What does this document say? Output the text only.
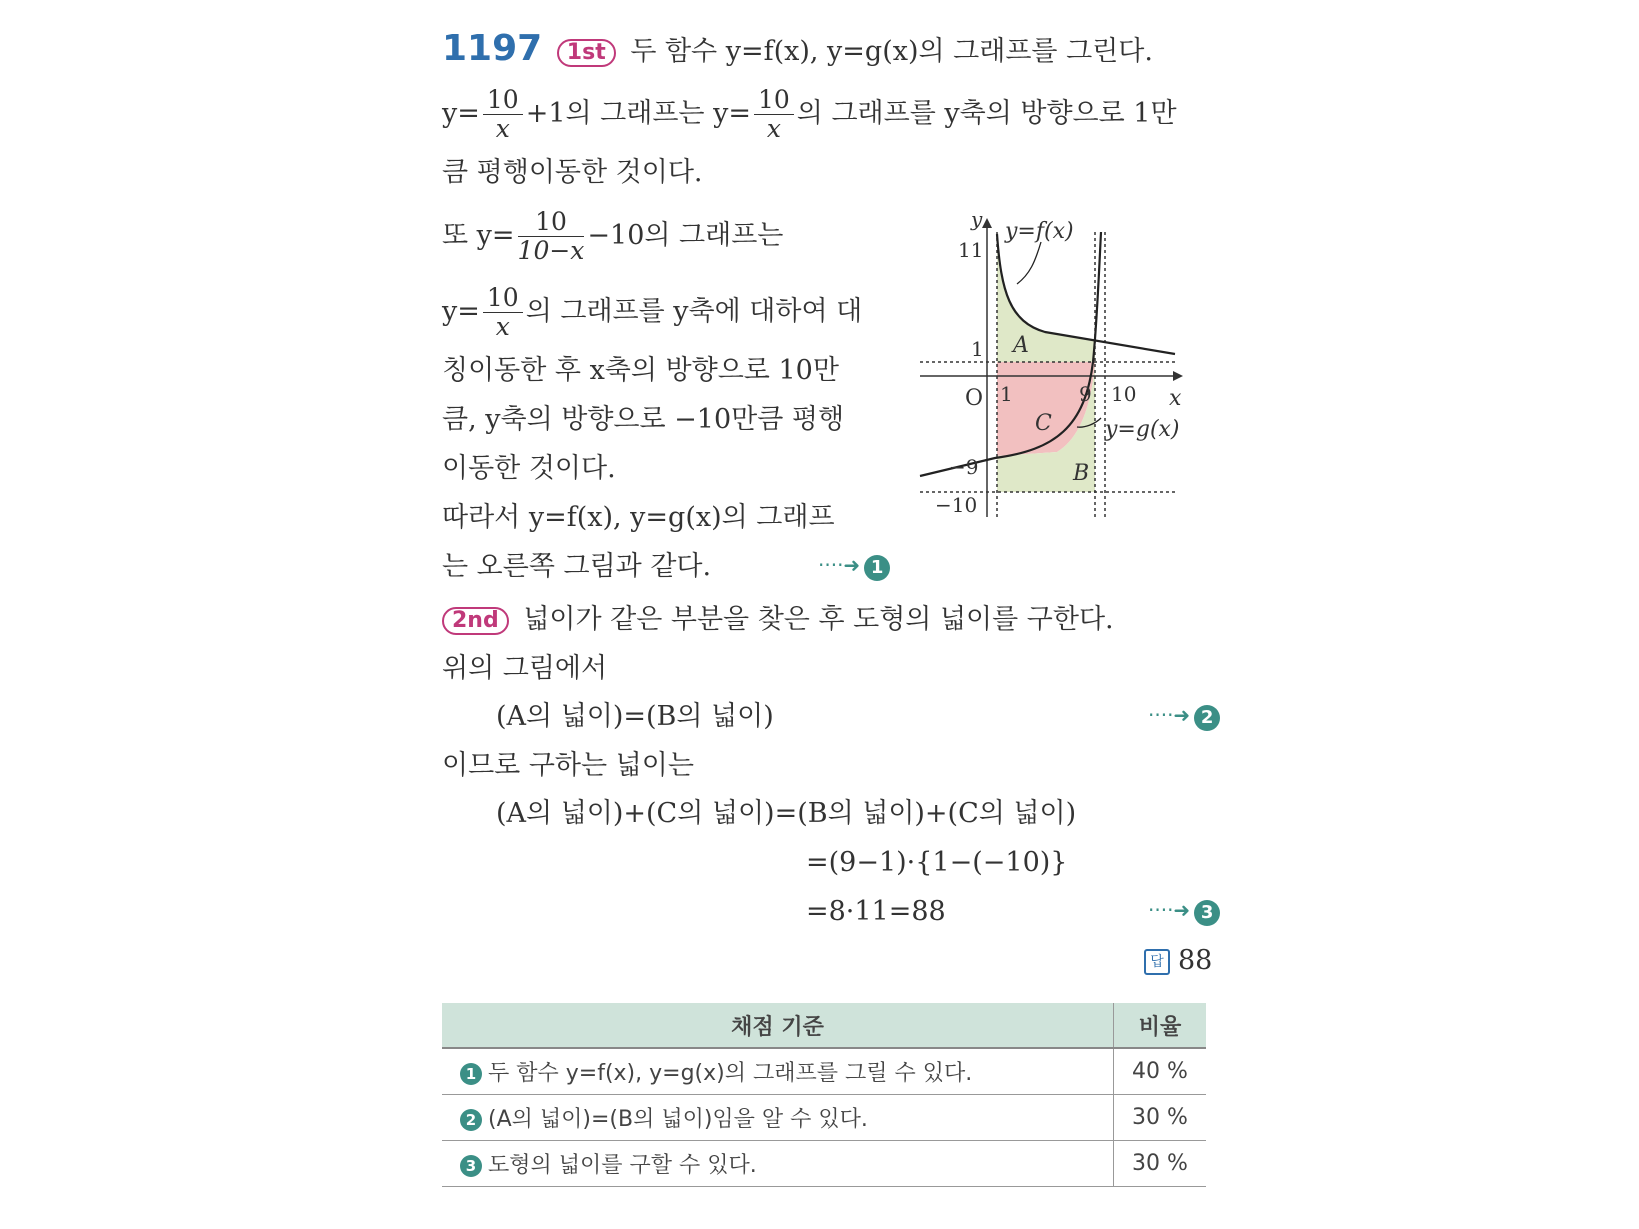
1197 1st 두 함수 y=f(x), y=g(x)의 그래프를 그린다.
$y= \frac{10}{x} +1$의 그래프는 $y= \frac{10}{x}$ 의 그래프를 y축의 방향으로 1만
큼 평행이동한 것이다.
또 $y= \frac{10}{10-x} -10$의 그래프는
$y= \frac{10}{x}$ 의 그래프를 y축에 대하여 대
칭이동한 후 x축의 방향으로 10만
큼, y축의 방향으로 −10만큼 평행
이동한 것이다.
따라서 y=f(x), y=g(x)의 그래프
는 오른쪽 그림과 같다.	····➜ 1
y
x
O
y=f(x)
y=g(x)
A
B
C
11
1
−9
−10
1	9 10
2nd 넓이가 같은 부분을 찾은 후 도형의 넓이를 구한다.
위의 그림에서
(A의 넓이)=(B의 넓이)	····➜ 2
이므로 구하는 넓이는
(A의 넓이)+(C의 넓이)=(B의 넓이)+(C의 넓이)
=(9−1)·{1−(−10)}
=8·11=88	····➜ 3
답 88
채점 기준	비율
1 두 함수 y=f(x), y=g(x)의 그래프를 그릴 수 있다.	40 %
2 (A의 넓이)=(B의 넓이)임을 알 수 있다.	30 %
3 도형의 넓이를 구할 수 있다.	30 %
